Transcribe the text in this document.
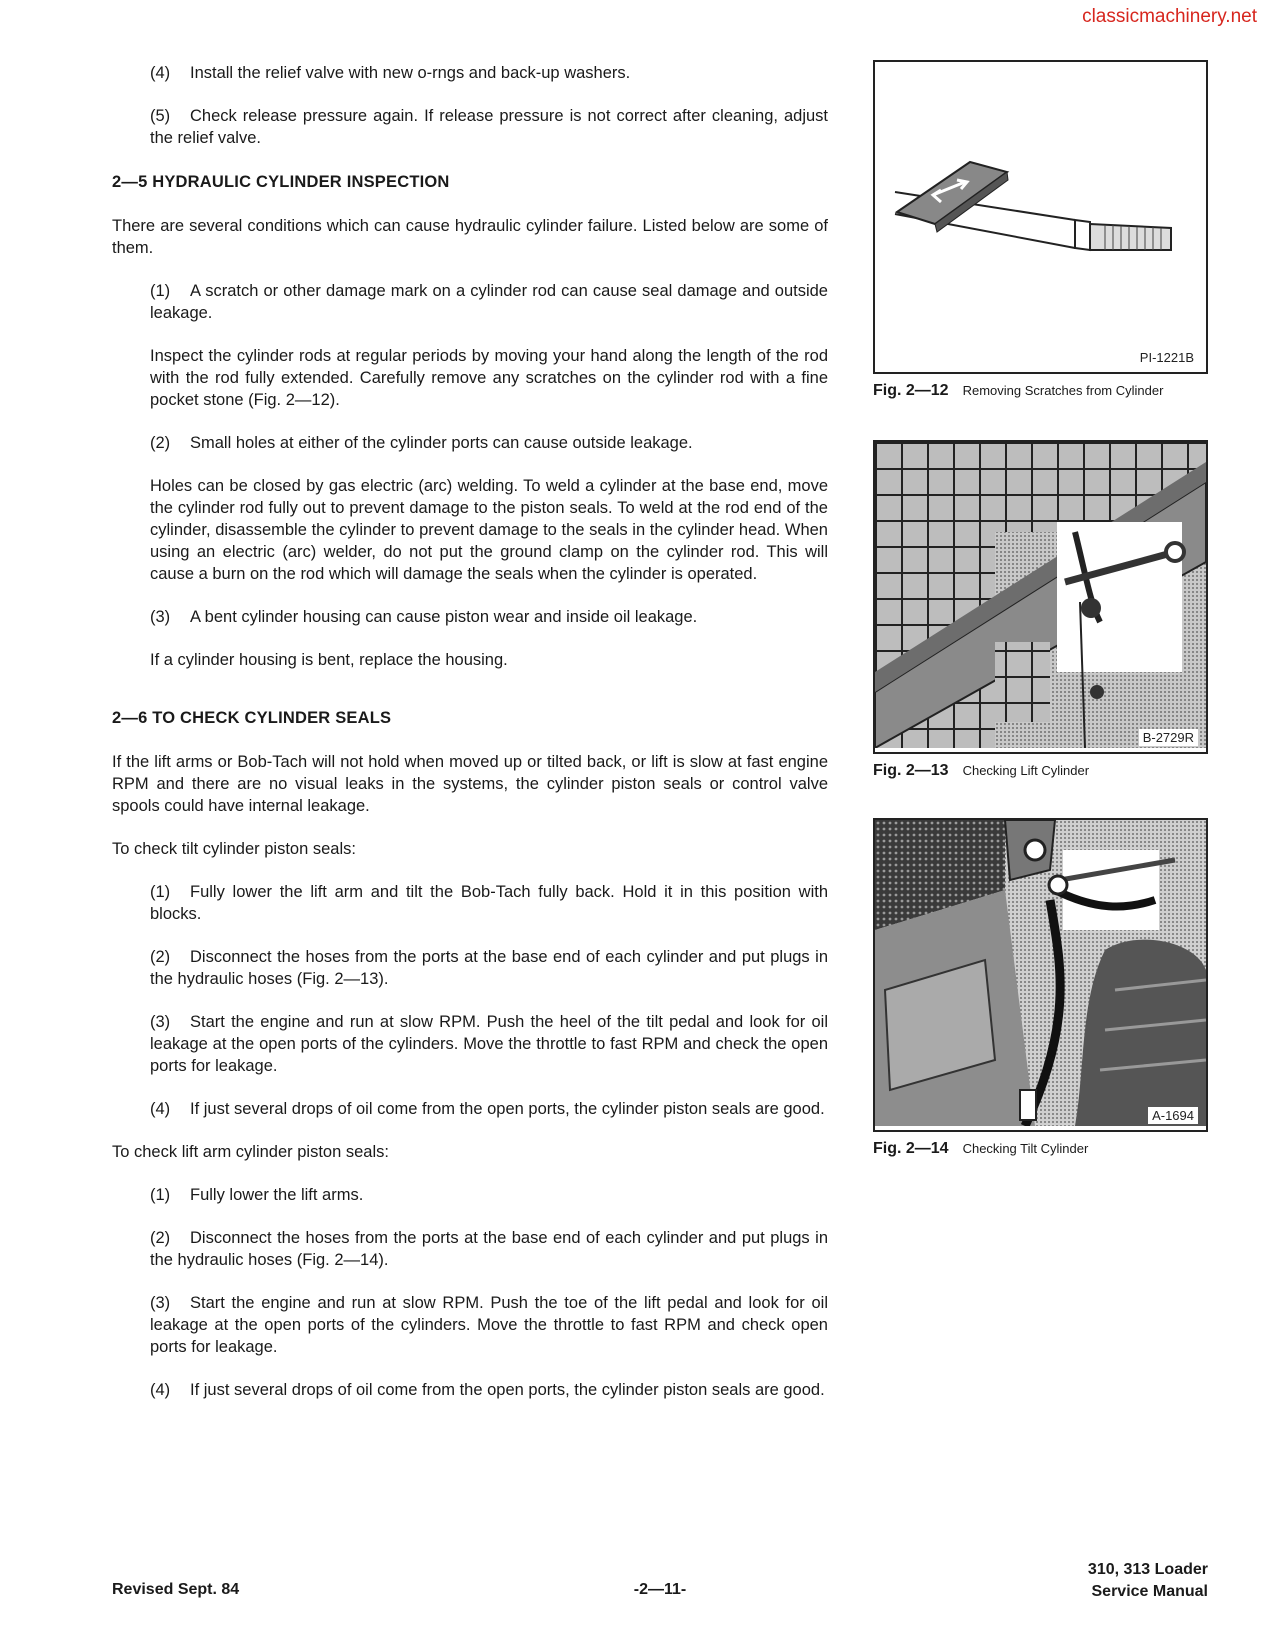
classicmachinery.net
(4) Install the relief valve with new o-rngs and back-up washers.
(5) Check release pressure again. If release pressure is not correct after cleaning, adjust the relief valve.
2—5 HYDRAULIC CYLINDER INSPECTION
There are several conditions which can cause hydraulic cylinder failure. Listed below are some of them.
(1) A scratch or other damage mark on a cylinder rod can cause seal damage and outside leakage.
Inspect the cylinder rods at regular periods by moving your hand along the length of the rod with the rod fully extended. Carefully remove any scratches on the cylinder rod with a fine pocket stone (Fig. 2—12).
(2) Small holes at either of the cylinder ports can cause outside leakage.
Holes can be closed by gas electric (arc) welding. To weld a cylinder at the base end, move the cylinder rod fully out to prevent damage to the piston seals. To weld at the rod end of the cylinder, disassemble the cylinder to prevent damage to the seals in the cylinder head. When using an electric (arc) welder, do not put the ground clamp on the cylinder rod. This will cause a burn on the rod which will damage the seals when the cylinder is operated.
(3) A bent cylinder housing can cause piston wear and inside oil leakage.
If a cylinder housing is bent, replace the housing.
2—6 TO CHECK CYLINDER SEALS
If the lift arms or Bob-Tach will not hold when moved up or tilted back, or lift is slow at fast engine RPM and there are no visual leaks in the systems, the cylinder piston seals or control valve spools could have internal leakage.
To check tilt cylinder piston seals:
(1) Fully lower the lift arm and tilt the Bob-Tach fully back. Hold it in this position with blocks.
(2) Disconnect the hoses from the ports at the base end of each cylinder and put plugs in the hydraulic hoses (Fig. 2—13).
(3) Start the engine and run at slow RPM. Push the heel of the tilt pedal and look for oil leakage at the open ports of the cylinders. Move the throttle to fast RPM and check the open ports for leakage.
(4) If just several drops of oil come from the open ports, the cylinder piston seals are good.
To check lift arm cylinder piston seals:
(1) Fully lower the lift arms.
(2) Disconnect the hoses from the ports at the base end of each cylinder and put plugs in the hydraulic hoses (Fig. 2—14).
(3) Start the engine and run at slow RPM. Push the toe of the lift pedal and look for oil leakage at the open ports of the cylinders. Move the throttle to fast RPM and check open ports for leakage.
(4) If just several drops of oil come from the open ports, the cylinder piston seals are good.
PI-1221B
Fig. 2—12 Removing Scratches from Cylinder
B-2729R
Fig. 2—13 Checking Lift Cylinder
A-1694
Fig. 2—14 Checking Tilt Cylinder
Revised Sept. 84	-2—11-
310, 313 Loader
Service Manual
